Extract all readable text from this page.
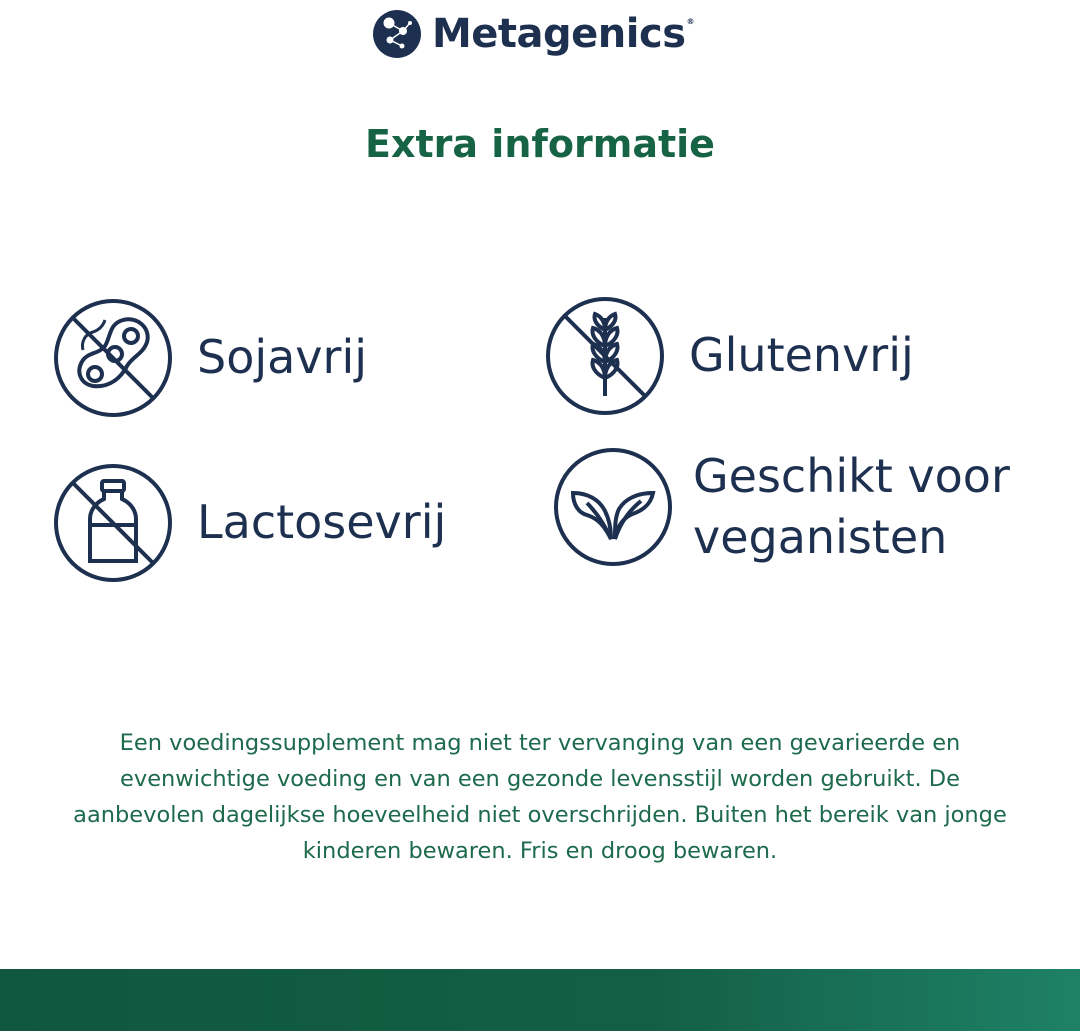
Metagenics®
Extra informatie
Sojavrij	Glutenvrij
Lactosevrij
Geschikt voor
veganisten

Een voedingssupplement mag niet ter vervanging van een gevarieerde en evenwichtige voeding en van een gezonde levensstijl worden gebruikt. De aanbevolen dagelijkse hoeveelheid niet overschrijden. Buiten het bereik van jonge kinderen bewaren. Fris en droog bewaren.
